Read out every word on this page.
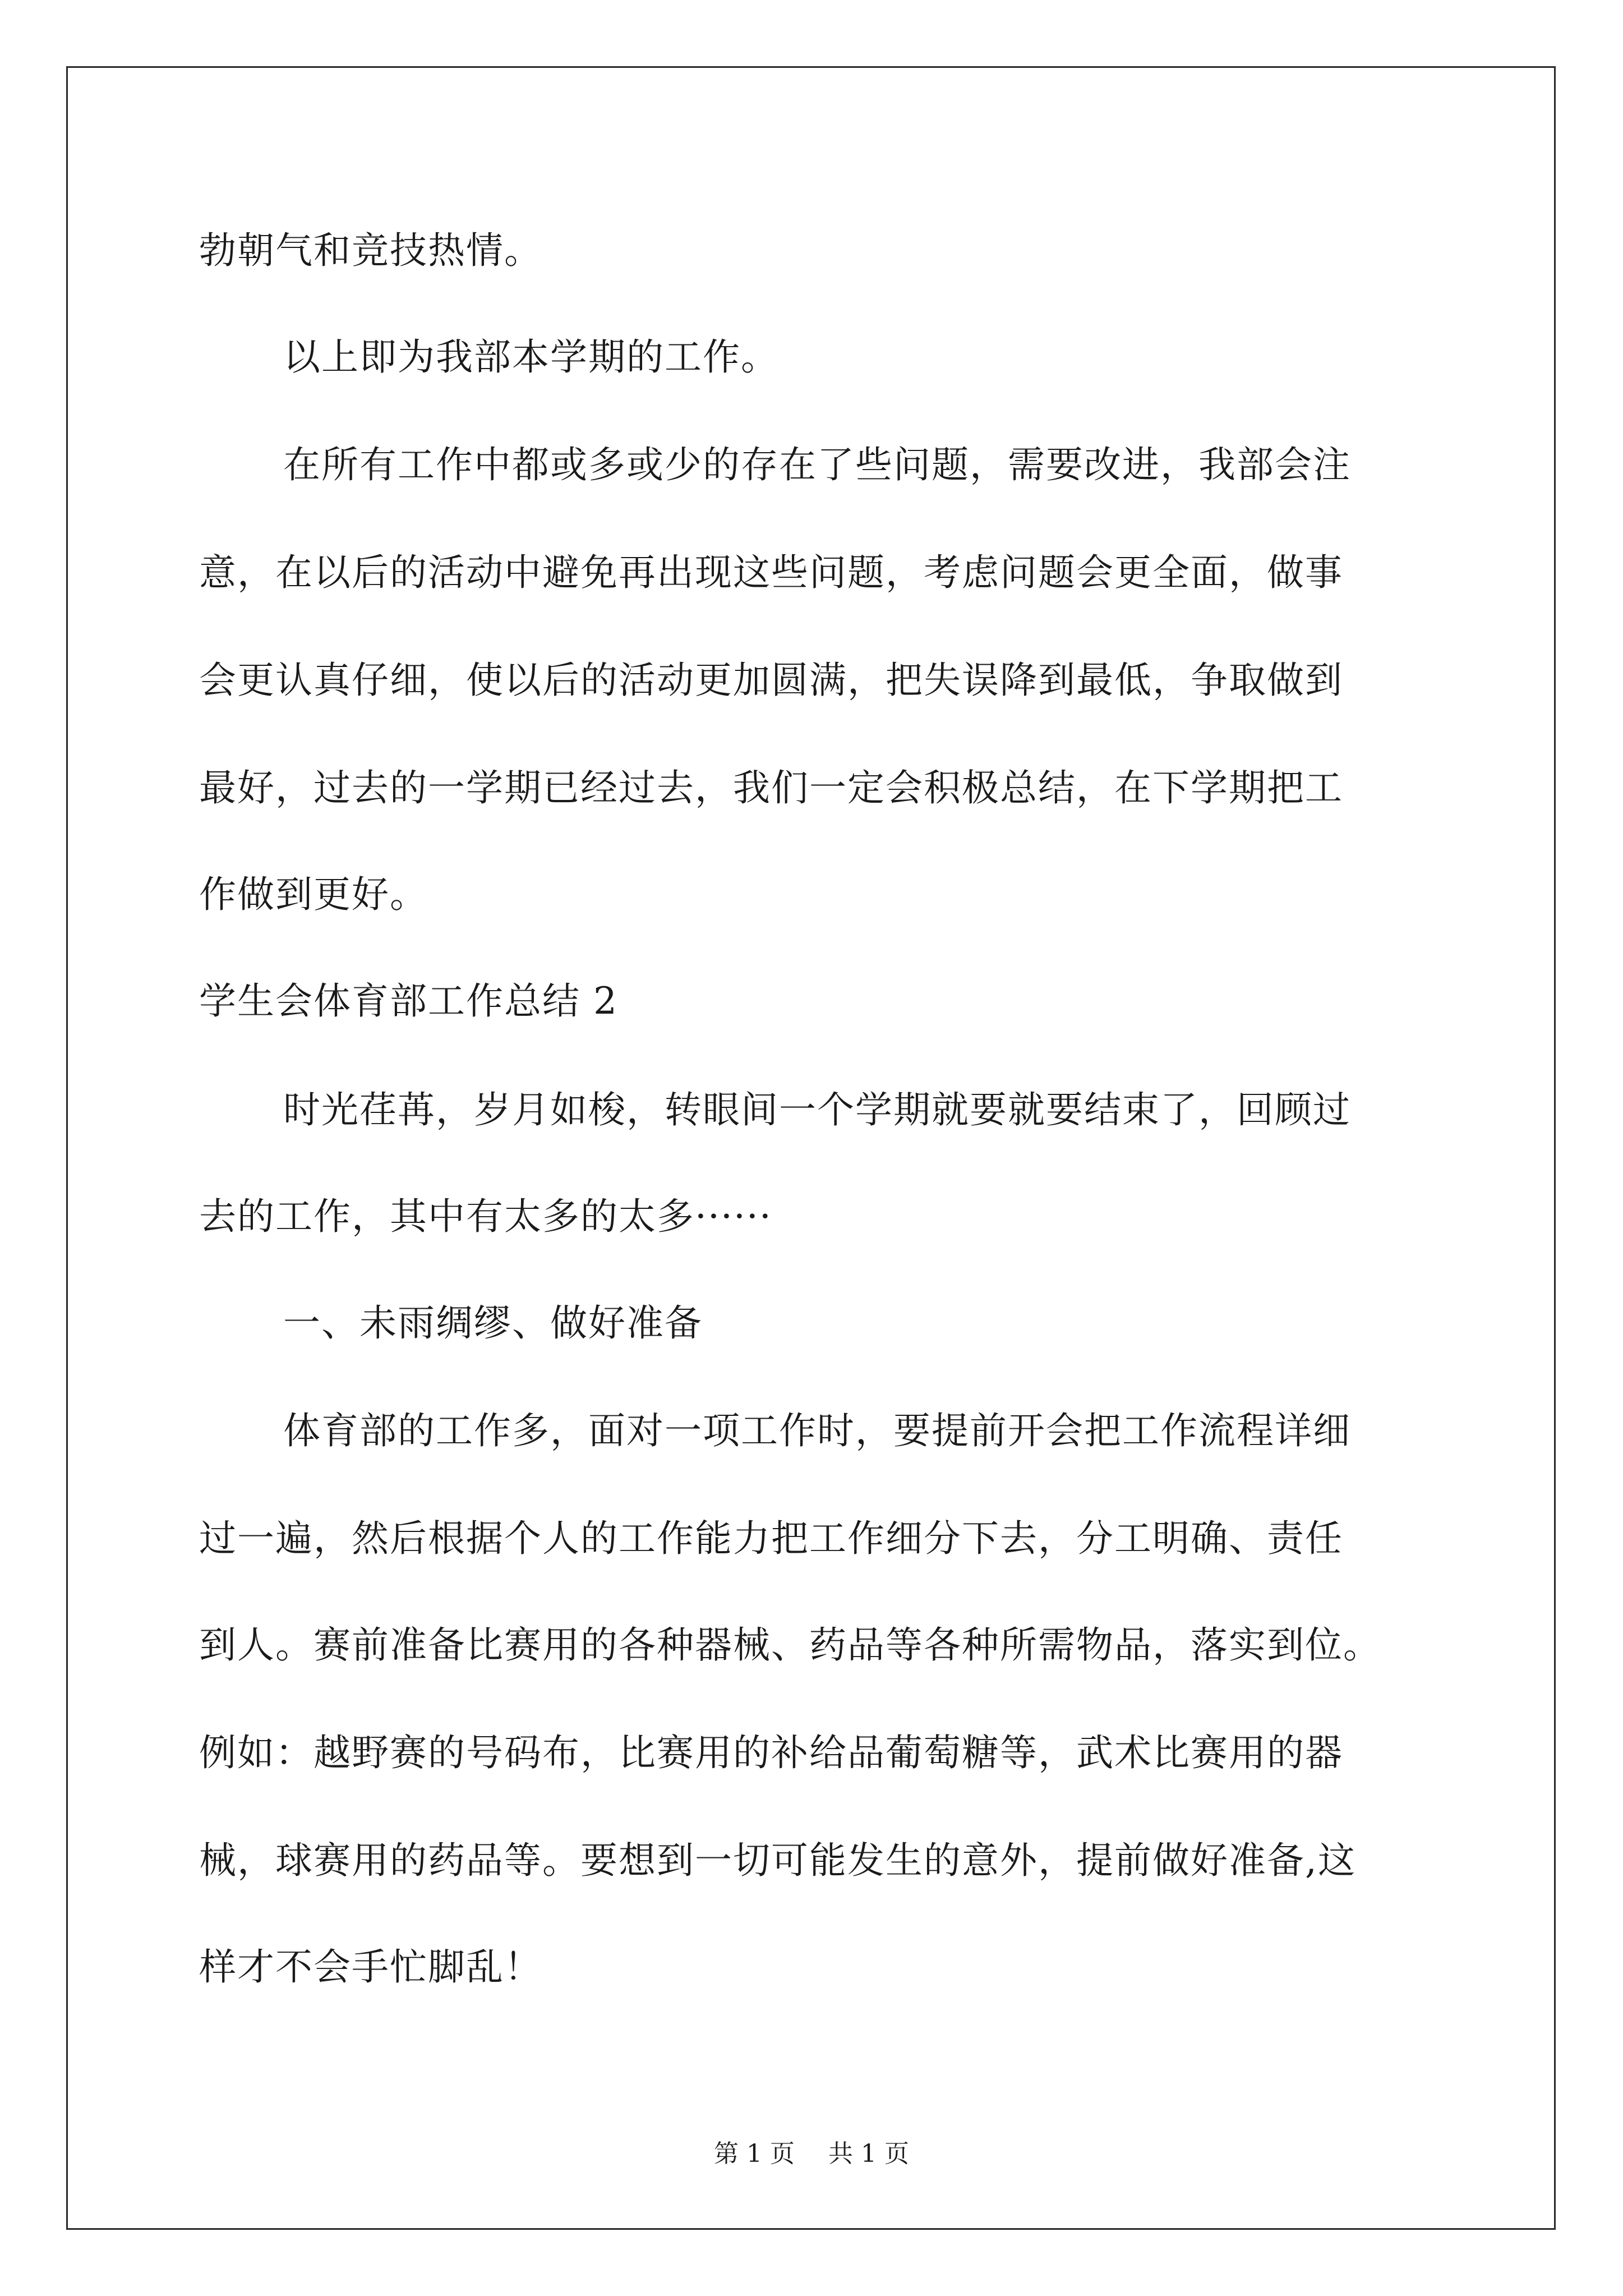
勃朝气和竞技热情。
以上即为我部本学期的工作。
在所有工作中都或多或少的存在了些问题，需要改进，我部会注
意，在以后的活动中避免再出现这些问题，考虑问题会更全面，做事
会更认真仔细，使以后的活动更加圆满，把失误降到最低，争取做到
最好，过去的一学期已经过去，我们一定会积极总结，在下学期把工
作做到更好。
学生会体育部工作总结 2
时光荏苒，岁月如梭，转眼间一个学期就要就要结束了，回顾过
去的工作，其中有太多的太多······
一、未雨绸缪、做好准备
体育部的工作多，面对一项工作时，要提前开会把工作流程详细
过一遍，然后根据个人的工作能力把工作细分下去，分工明确、责任
到人。赛前准备比赛用的各种器械、药品等各种所需物品，落实到位。
例如：越野赛的号码布，比赛用的补给品葡萄糖等，武术比赛用的器
械，球赛用的药品等。要想到一切可能发生的意外，提前做好准备,这
样才不会手忙脚乱！
第 1 页 共 1 页
